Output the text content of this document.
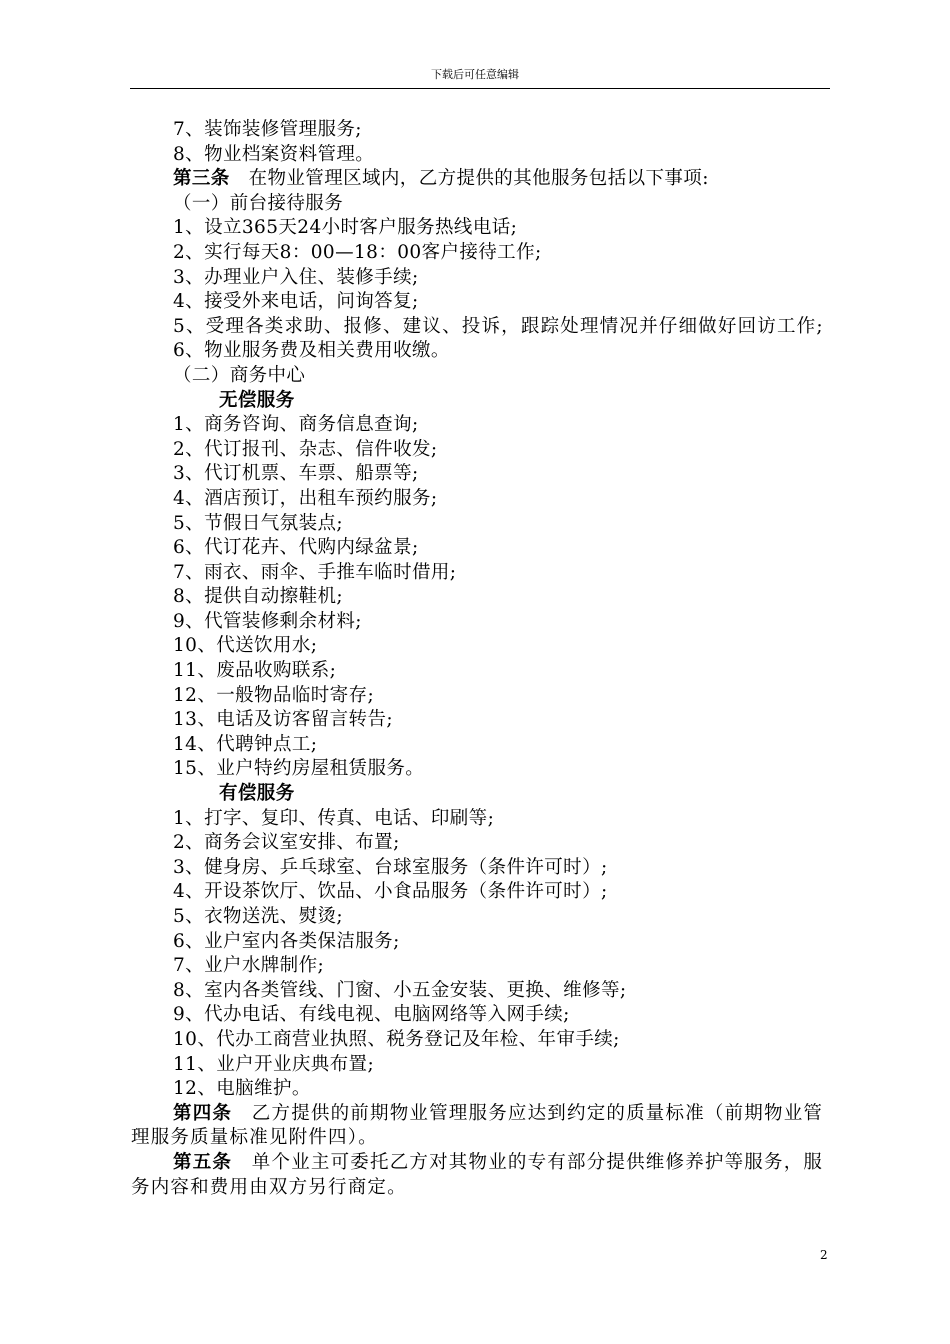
下载后可任意编辑
7、装饰装修管理服务;
8、物业档案资料管理。
第三条　在物业管理区域内，乙方提供的其他服务包括以下事项:
（一）前台接待服务
1、设立365天24小时客户服务热线电话;
2、实行每天8：00—18：00客户接待工作;
3、办理业户入住、装修手续;
4、接受外来电话，问询答复;
5、受理各类求助、报修、建议、投诉，跟踪处理情况并仔细做好回访工作;
6、物业服务费及相关费用收缴。
（二）商务中心
无偿服务
1、商务咨询、商务信息查询;
2、代订报刊、杂志、信件收发;
3、代订机票、车票、船票等;
4、酒店预订，出租车预约服务;
5、节假日气氛装点;
6、代订花卉、代购内绿盆景;
7、雨衣、雨伞、手推车临时借用;
8、提供自动擦鞋机;
9、代管装修剩余材料;
10、代送饮用水;
11、废品收购联系;
12、一般物品临时寄存;
13、电话及访客留言转告;
14、代聘钟点工;
15、业户特约房屋租赁服务。
有偿服务
1、打字、复印、传真、电话、印刷等;
2、商务会议室安排、布置;
3、健身房、乒乓球室、台球室服务（条件许可时）;
4、开设茶饮厅、饮品、小食品服务（条件许可时）;
5、衣物送洗、熨烫;
6、业户室内各类保洁服务;
7、业户水牌制作;
8、室内各类管线、门窗、小五金安装、更换、维修等;
9、代办电话、有线电视、电脑网络等入网手续;
10、代办工商营业执照、税务登记及年检、年审手续;
11、业户开业庆典布置;
12、电脑维护。
第四条　乙方提供的前期物业管理服务应达到约定的质量标准（前期物业管理服务质量标准见附件四）。
第五条　单个业主可委托乙方对其物业的专有部分提供维修养护等服务，服务内容和费用由双方另行商定。
2
